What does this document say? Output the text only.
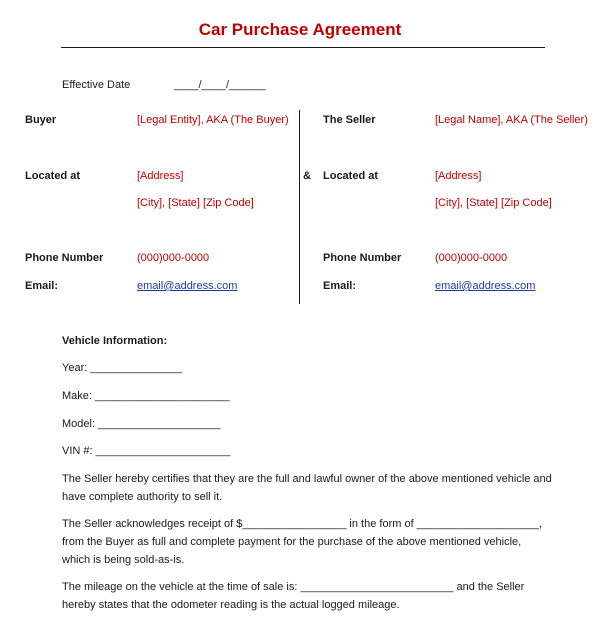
Car Purchase Agreement
Effective Date	____/____/______
Buyer	[Legal Entity], AKA (The Buyer)
Located at	[Address]
[City], [State] [Zip Code]
Phone Number	(000)000-0000
Email:	email@address.com
&
The Seller	[Legal Name], AKA (The Seller)
Located at	[Address]
[City], [State] [Zip Code]
Phone Number	(000)000-0000
Email:	email@address.com
Vehicle Information:
Year: _______________
Make: ______________________
Model: ____________________
VIN #: ______________________
The Seller hereby certifies that they are the full and lawful owner of the above mentioned vehicle and have complete authority to sell it.
The Seller acknowledges receipt of $_________________ in the form of ____________________, from the Buyer as full and complete payment for the purchase of the above mentioned vehicle, which is being sold-as-is.
The mileage on the vehicle at the time of sale is: _________________________ and the Seller hereby states that the odometer reading is the actual logged mileage.
